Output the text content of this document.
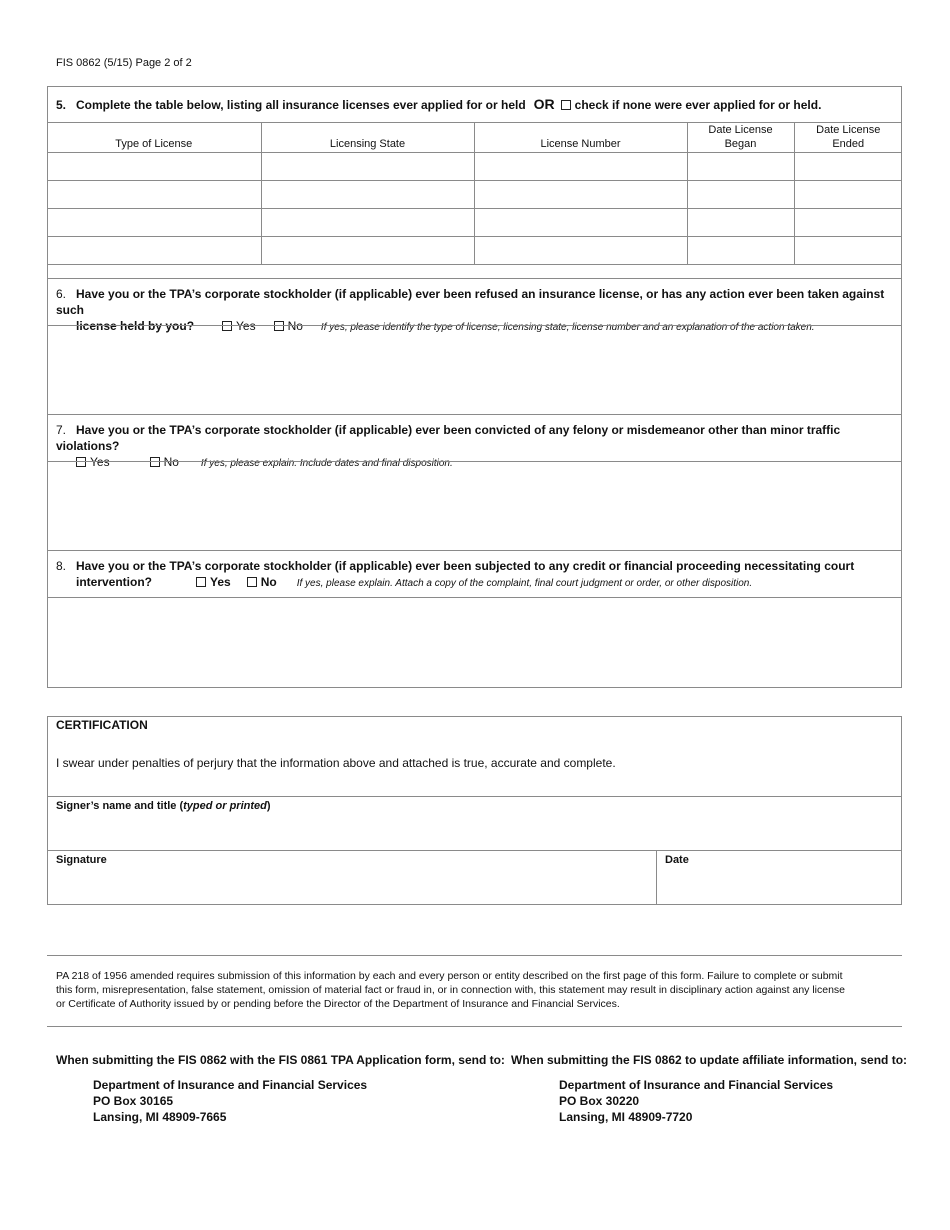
FIS 0862 (5/15) Page 2 of 2
5. Complete the table below, listing all insurance licenses ever applied for or held OR check if none were ever applied for or held.
Type of License	Licensing State	License Number	Date License Began	Date License Ended

6. Have you or the TPA’s corporate stockholder (if applicable) ever been refused an insurance license, or has any action ever been taken against such
license held by you?	Yes	No If yes, please identify the type of license, licensing state, license number and an explanation of the action taken.
7. Have you or the TPA’s corporate stockholder (if applicable) ever been convicted of any felony or misdemeanor other than minor traffic violations?
Yes	No If yes, please explain. Include dates and final disposition.
8. Have you or the TPA’s corporate stockholder (if applicable) ever been subjected to any credit or financial proceeding necessitating court
intervention?	Yes	No If yes, please explain. Attach a copy of the complaint, final court judgment or order, or other disposition.
CERTIFICATION
I swear under penalties of perjury that the information above and attached is true, accurate and complete.
Signer’s name and title (typed or printed)
Signature	Date
PA 218 of 1956 amended requires submission of this information by each and every person or entity described on the first page of this form. Failure to complete or submit this form, misrepresentation, false statement, omission of material fact or fraud in, or in connection with, this statement may result in disciplinary action against any license or Certificate of Authority issued by or pending before the Director of the Department of Insurance and Financial Services.
When submitting the FIS 0862 with the FIS 0861 TPA Application form, send to:
Department of Insurance and Financial Services
PO Box 30165
Lansing, MI 48909-7665
When submitting the FIS 0862 to update affiliate information, send to:
Department of Insurance and Financial Services
PO Box 30220
Lansing, MI 48909-7720
